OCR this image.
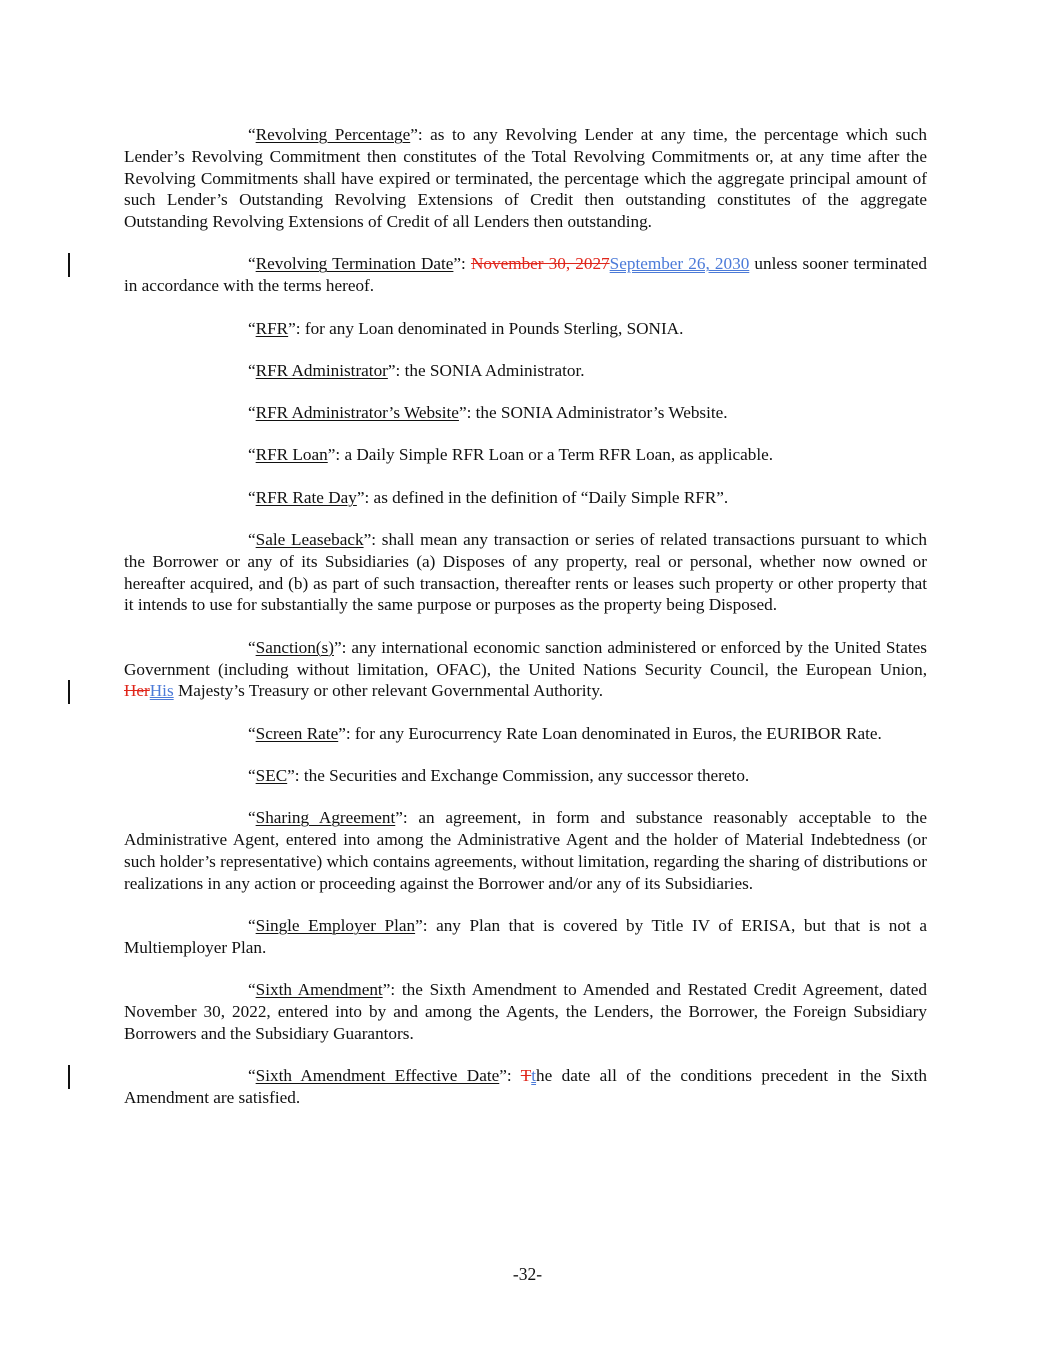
“Revolving Percentage”: as to any Revolving Lender at any time, the percentage which such Lender’s Revolving Commitment then constitutes of the Total Revolving Commitments or, at any time after the Revolving Commitments shall have expired or terminated, the percentage which the aggregate principal amount of such Lender’s Outstanding Revolving Extensions of Credit then outstanding constitutes of the aggregate Outstanding Revolving Extensions of Credit of all Lenders then outstanding.

“Revolving Termination Date”: November 30, 2027September 26, 2030 unless sooner terminated in accordance with the terms hereof.

“RFR”: for any Loan denominated in Pounds Sterling, SONIA.

“RFR Administrator”: the SONIA Administrator.

“RFR Administrator’s Website”: the SONIA Administrator’s Website.

“RFR Loan”: a Daily Simple RFR Loan or a Term RFR Loan, as applicable.

“RFR Rate Day”: as defined in the definition of “Daily Simple RFR”.

“Sale Leaseback”: shall mean any transaction or series of related transactions pursuant to which the Borrower or any of its Subsidiaries (a) Disposes of any property, real or personal, whether now owned or hereafter acquired, and (b) as part of such transaction, thereafter rents or leases such property or other property that it intends to use for substantially the same purpose or purposes as the property being Disposed.

“Sanction(s)”: any international economic sanction administered or enforced by the United States Government (including without limitation, OFAC), the United Nations Security Council, the European Union, HerHis Majesty’s Treasury or other relevant Governmental Authority.

“Screen Rate”: for any Eurocurrency Rate Loan denominated in Euros, the EURIBOR Rate.

“SEC”: the Securities and Exchange Commission, any successor thereto.

“Sharing Agreement”: an agreement, in form and substance reasonably acceptable to the Administrative Agent, entered into among the Administrative Agent and the holder of Material Indebtedness (or such holder’s representative) which contains agreements, without limitation, regarding the sharing of distributions or realizations in any action or proceeding against the Borrower and/or any of its Subsidiaries.

“Single Employer Plan”: any Plan that is covered by Title IV of ERISA, but that is not a Multiemployer Plan.

“Sixth Amendment”: the Sixth Amendment to Amended and Restated Credit Agreement, dated November 30, 2022, entered into by and among the Agents, the Lenders, the Borrower, the Foreign Subsidiary Borrowers and the Subsidiary Guarantors.

“Sixth Amendment Effective Date”: Tthe date all of the conditions precedent in the Sixth Amendment are satisfied.

-32-
